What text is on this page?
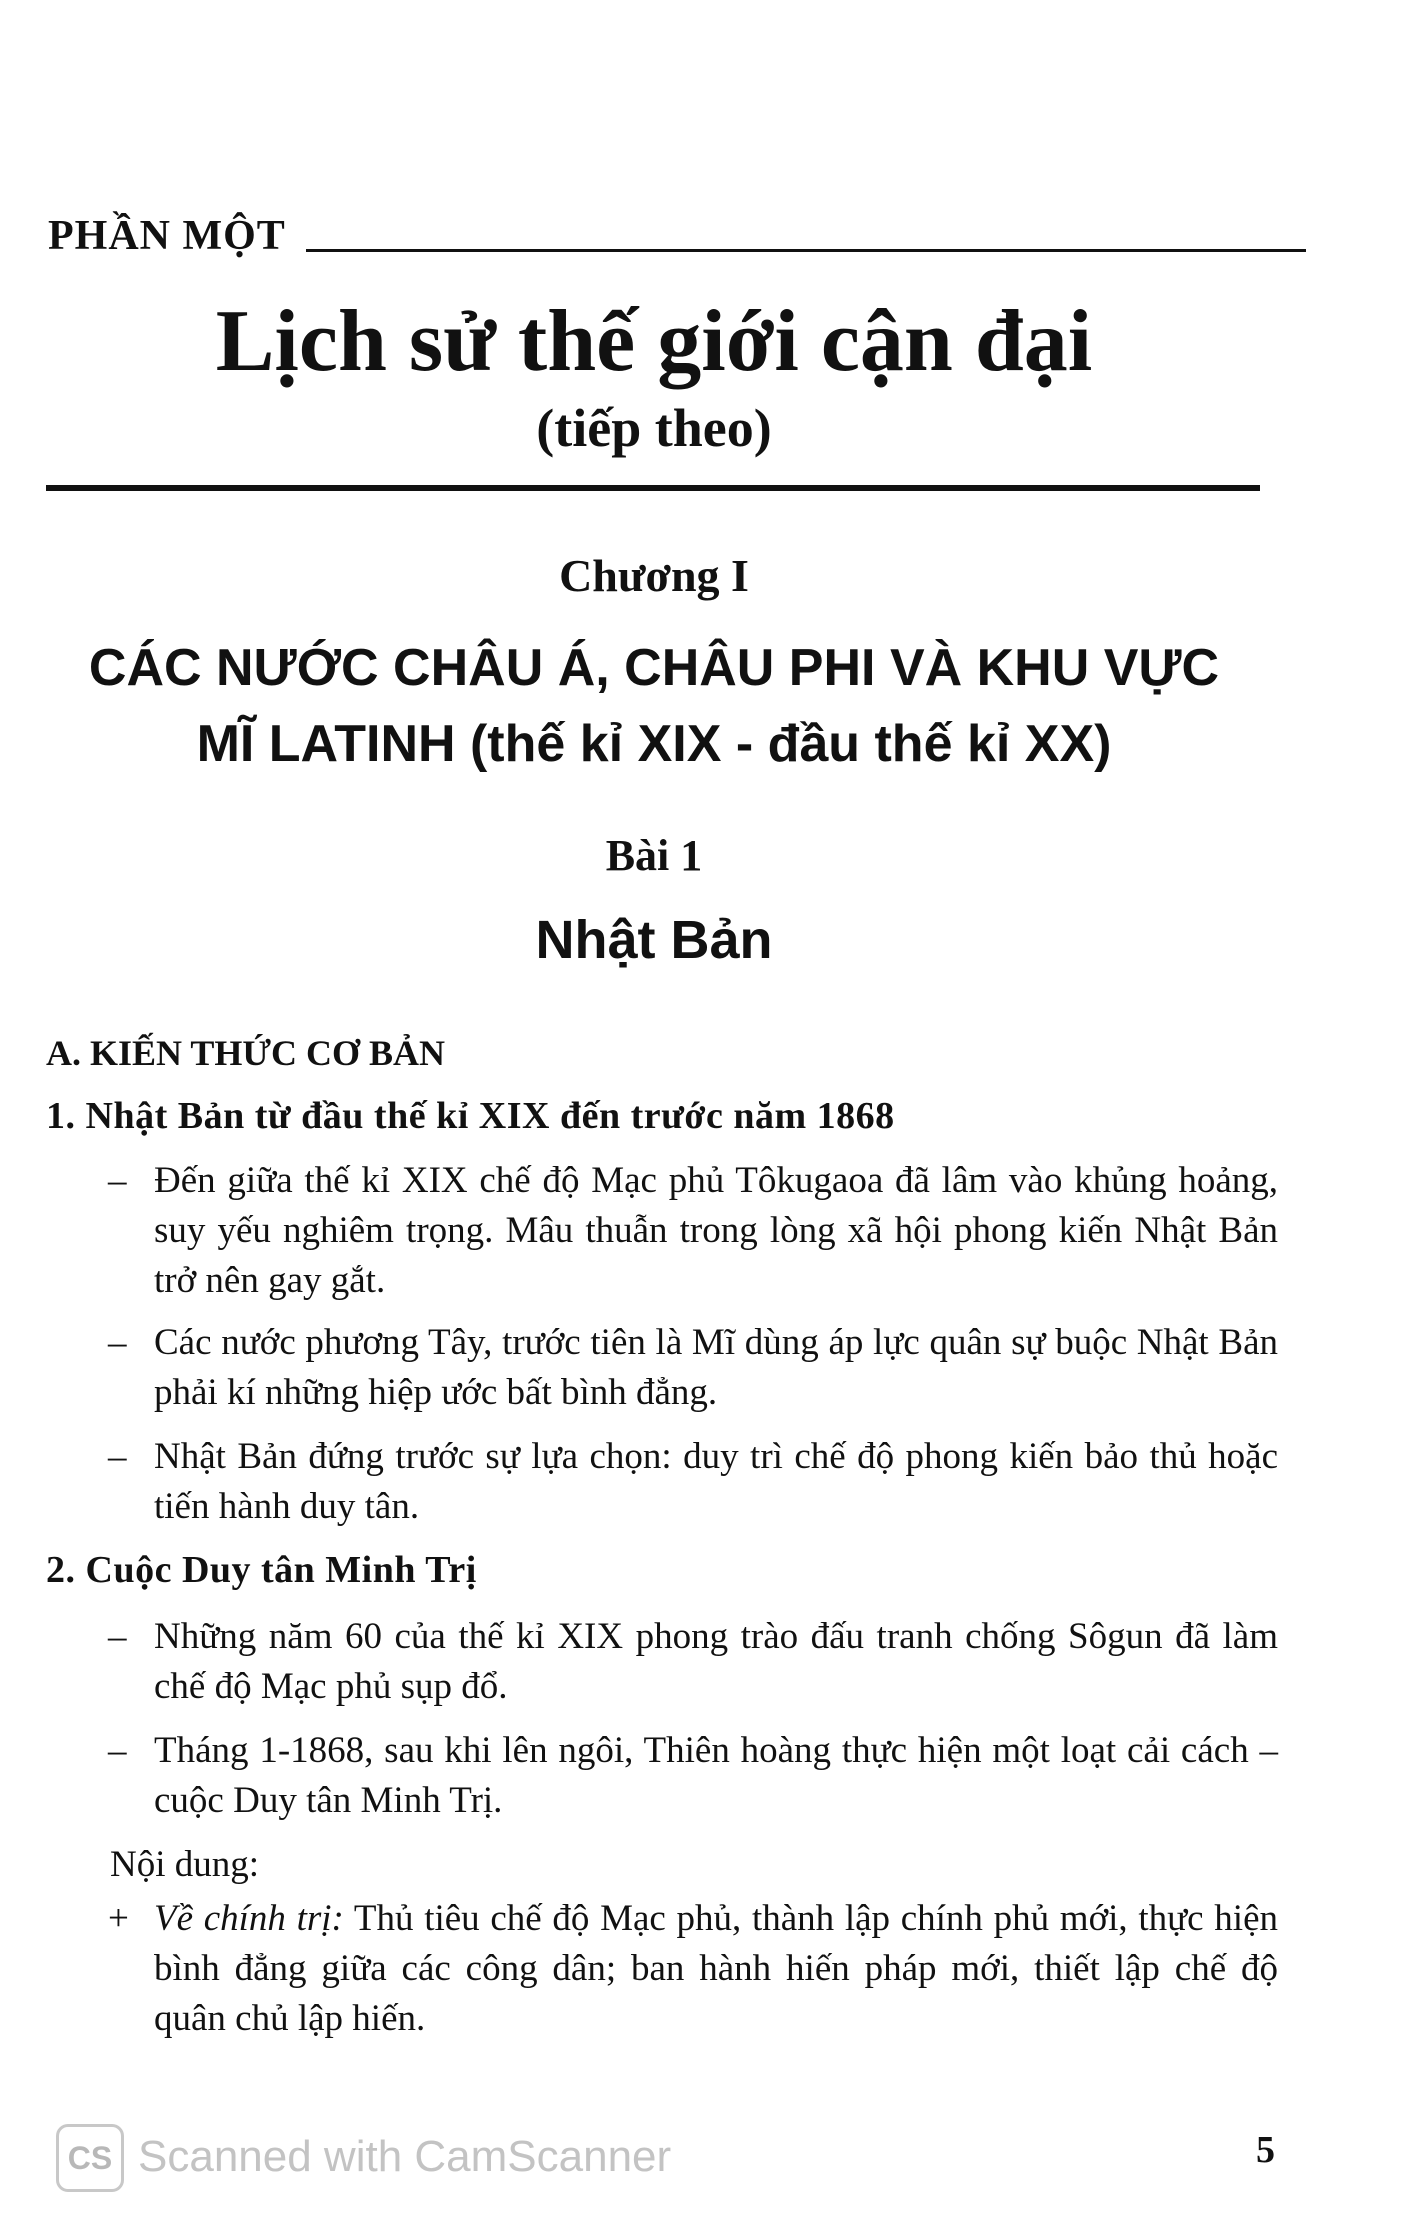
PHẦN MỘT
Lịch sử thế giới cận đại
(tiếp theo)
Chương I
CÁC NƯỚC CHÂU Á, CHÂU PHI VÀ KHU VỰC
MĨ LATINH (thế kỉ XIX - đầu thế kỉ XX)
Bài 1
Nhật Bản
A. KIẾN THỨC CƠ BẢN
1. Nhật Bản từ đầu thế kỉ XIX đến trước năm 1868
– Đến giữa thế kỉ XIX chế độ Mạc phủ Tôkugaoa đã lâm vào khủng hoảng, suy yếu nghiêm trọng. Mâu thuẫn trong lòng xã hội phong kiến Nhật Bản trở nên gay gắt.
– Các nước phương Tây, trước tiên là Mĩ dùng áp lực quân sự buộc Nhật Bản phải kí những hiệp ước bất bình đẳng.
– Nhật Bản đứng trước sự lựa chọn: duy trì chế độ phong kiến bảo thủ hoặc tiến hành duy tân.
2. Cuộc Duy tân Minh Trị
– Những năm 60 của thế kỉ XIX phong trào đấu tranh chống Sôgun đã làm chế độ Mạc phủ sụp đổ.
– Tháng 1-1868, sau khi lên ngôi, Thiên hoàng thực hiện một loạt cải cách – cuộc Duy tân Minh Trị.
Nội dung:
+ Về chính trị: Thủ tiêu chế độ Mạc phủ, thành lập chính phủ mới, thực hiện bình đẳng giữa các công dân; ban hành hiến pháp mới, thiết lập chế độ quân chủ lập hiến.
CS Scanned with CamScanner	5
